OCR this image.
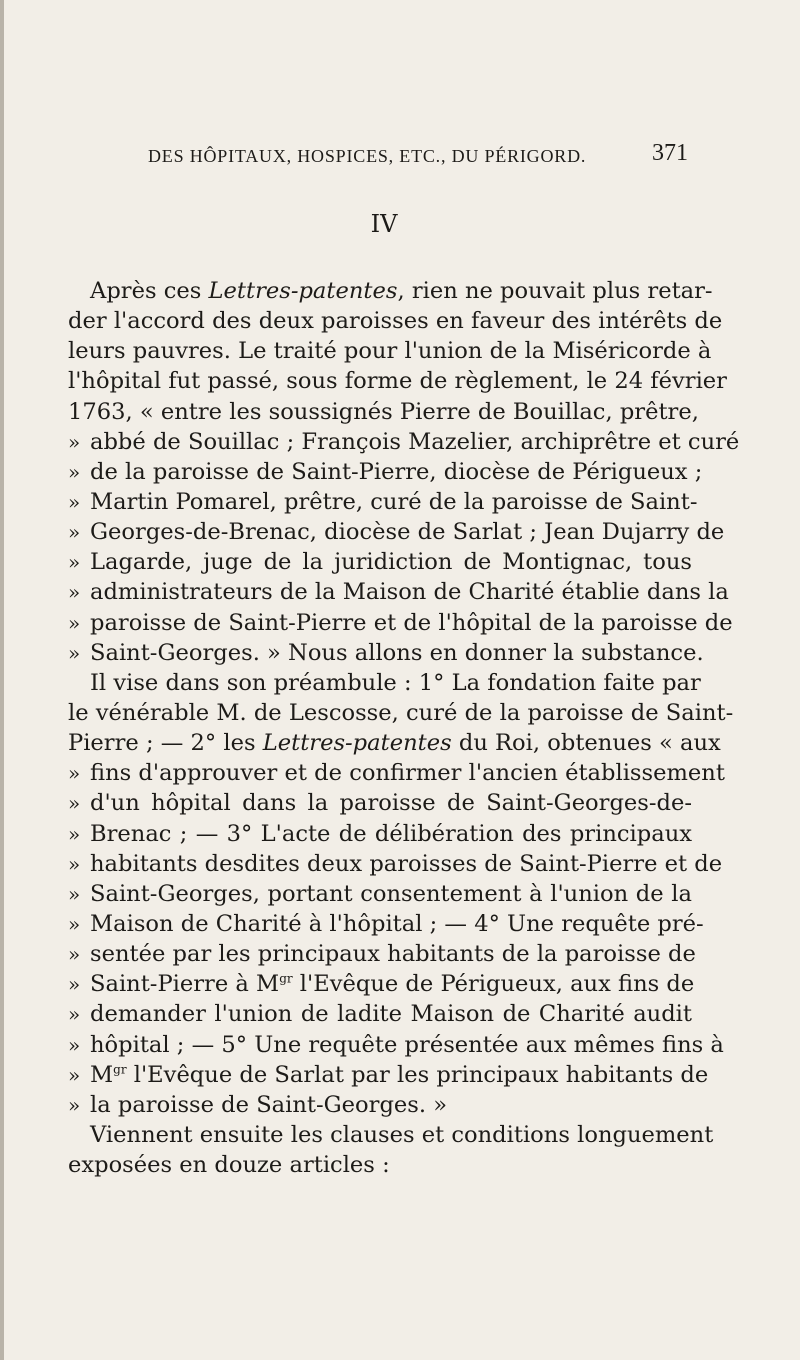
DES HÔPITAUX, HOSPICES, ETC., DU PÉRIGORD.	371
IV
Après ces Lettres-patentes, rien ne pouvait plus retar-
der l'accord des deux paroisses en faveur des intérêts de
leurs pauvres. Le traité pour l'union de la Miséricorde à
l'hôpital fut passé, sous forme de règlement, le 24 février
1763, « entre les soussignés Pierre de Bouillac, prêtre,
» abbé de Souillac ; François Mazelier, archiprêtre et curé
» de la paroisse de Saint-Pierre, diocèse de Périgueux ;
» Martin Pomarel, prêtre, curé de la paroisse de Saint-
» Georges-de-Brenac, diocèse de Sarlat ; Jean Dujarry de
» Lagarde, juge de la juridiction de Montignac, tous
» administrateurs de la Maison de Charité établie dans la
» paroisse de Saint-Pierre et de l'hôpital de la paroisse de
» Saint-Georges. » Nous allons en donner la substance.
Il vise dans son préambule : 1° La fondation faite par
le vénérable M. de Lescosse, curé de la paroisse de Saint-
Pierre ; — 2° les Lettres-patentes du Roi, obtenues « aux
» fins d'approuver et de confirmer l'ancien établissement
» d'un hôpital dans la paroisse de Saint-Georges-de-
» Brenac ; — 3° L'acte de délibération des principaux
» habitants desdites deux paroisses de Saint-Pierre et de
» Saint-Georges, portant consentement à l'union de la
» Maison de Charité à l'hôpital ; — 4° Une requête pré-
» sentée par les principaux habitants de la paroisse de
» Saint-Pierre à $M^{gr}$ l'Evêque de Périgueux, aux fins de
» demander l'union de ladite Maison de Charité audit
» hôpital ; — 5° Une requête présentée aux mêmes fins à
» $M^{gr}$ l'Evêque de Sarlat par les principaux habitants de
» la paroisse de Saint-Georges. »
Viennent ensuite les clauses et conditions longuement
exposées en douze articles :
